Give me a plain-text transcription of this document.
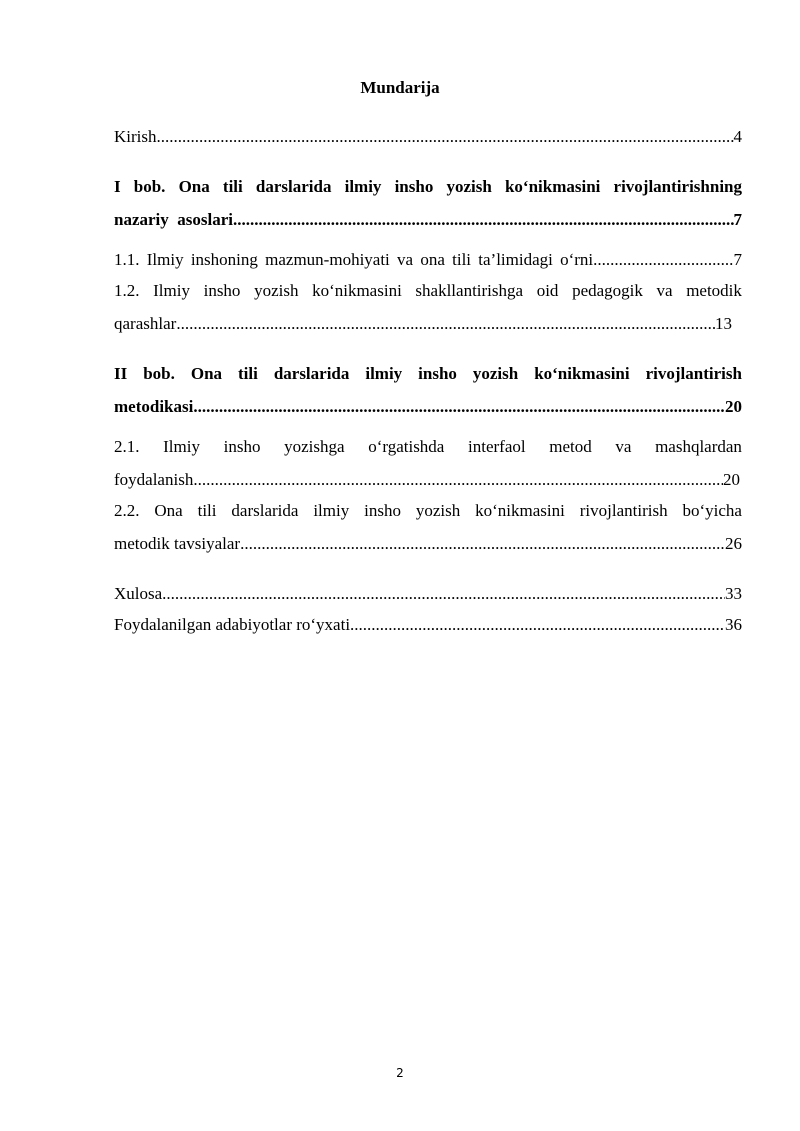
Mundarija
Kirish .....	4
I bob. Ona tili darslarida ilmiy insho yozish ko‘nikmasini rivojlantirishning
nazariy  asoslari .....	7
1.1. Ilmiy inshoning mazmun-mohiyati va ona tili ta’limidagi o‘rni .....	7
1.2. Ilmiy insho yozish ko‘nikmasini shakllantirishga oid pedagogik va metodik
qarashlar .....	13
II bob. Ona tili darslarida ilmiy insho yozish ko‘nikmasini rivojlantirish
metodikasi .....	20
2.1. Ilmiy insho yozishga o‘rgatishda interfaol metod va mashqlardan
foydalanish .....	20
2.2. Ona tili darslarida ilmiy insho yozish ko‘nikmasini rivojlantirish bo‘yicha
metodik tavsiyalar .....	26
Xulosa .....	33
Foydalanilgan adabiyotlar ro‘yxati .....	36
2
